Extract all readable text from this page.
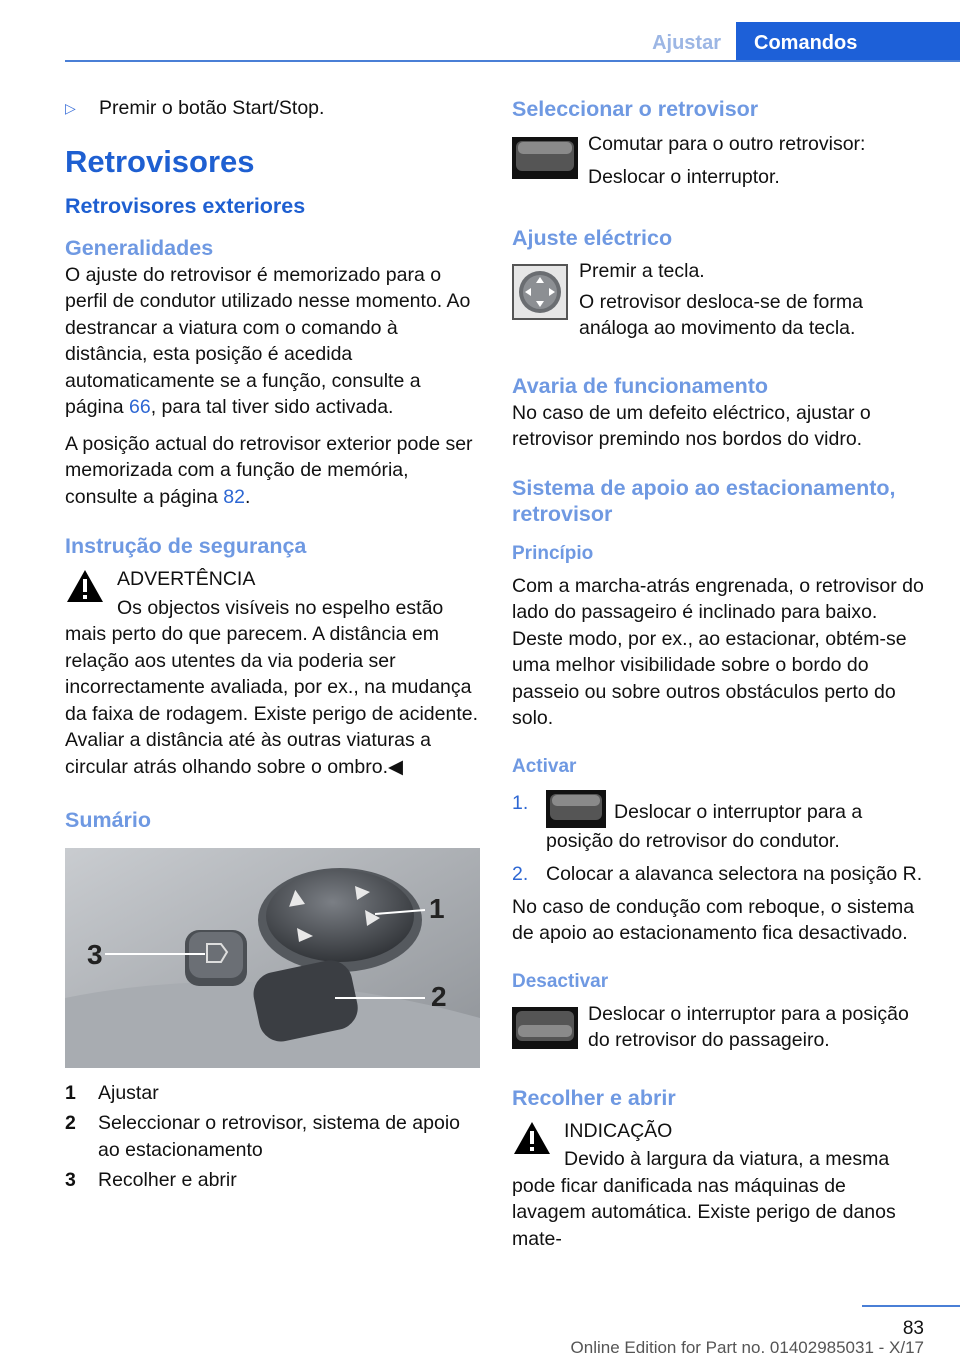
Ajustar	Comandos
▷	Premir o botão Start/Stop.

Retrovisores
Retrovisores exteriores
Generalidades

O ajuste do retrovisor é memorizado para o perfil de condutor utilizado nesse momento. Ao destrancar a viatura com o comando à distância, esta posição é acedida automaticamente se a função, consulte a página 66, para tal tiver sido activada.

A posição actual do retrovisor exterior pode ser memorizada com a função de memória, consulte a página 82.

Instrução de segurança

ADVERTÊNCIA

Os objectos visíveis no espelho estão mais perto do que parecem. A distância em relação aos utentes da via poderia ser incorrectamente avaliada, por ex., na mudança da faixa de rodagem. Existe perigo de acidente. Avaliar a distância até às outras viaturas a circular atrás olhando sobre o ombro.◀

Sumário
1
2
3
1	Ajustar
2	Seleccionar o retrovisor, sistema de apoio ao estacionamento
3	Recolher e abrir
Seleccionar o retrovisor

Comutar para o outro retrovisor:

Deslocar o interruptor.

Ajuste eléctrico

Premir a tecla.

O retrovisor desloca-se de forma análoga ao movimento da tecla.

Avaria de funcionamento

No caso de um defeito eléctrico, ajustar o retrovisor premindo nos bordos do vidro.

Sistema de apoio ao estacionamento, retrovisor
Princípio

Com a marcha-atrás engrenada, o retrovisor do lado do passageiro é inclinado para baixo. Deste modo, por ex., ao estacionar, obtém-se uma melhor visibilidade sobre o bordo do passeio ou sobre outros obstáculos perto do solo.

Activar
1.	Deslocar o interruptor para a posição do retrovisor do condutor.
2. Colocar a alavanca selectora na posição R.

No caso de condução com reboque, o sistema de apoio ao estacionamento fica desactivado.

Desactivar

Deslocar o interruptor para a posição do retrovisor do passageiro.

Recolher e abrir

INDICAÇÃO

Devido à largura da viatura, a mesma pode ficar danificada nas máquinas de lavagem automática. Existe perigo de danos mate-

83
Online Edition for Part no. 01402985031 - X/17
